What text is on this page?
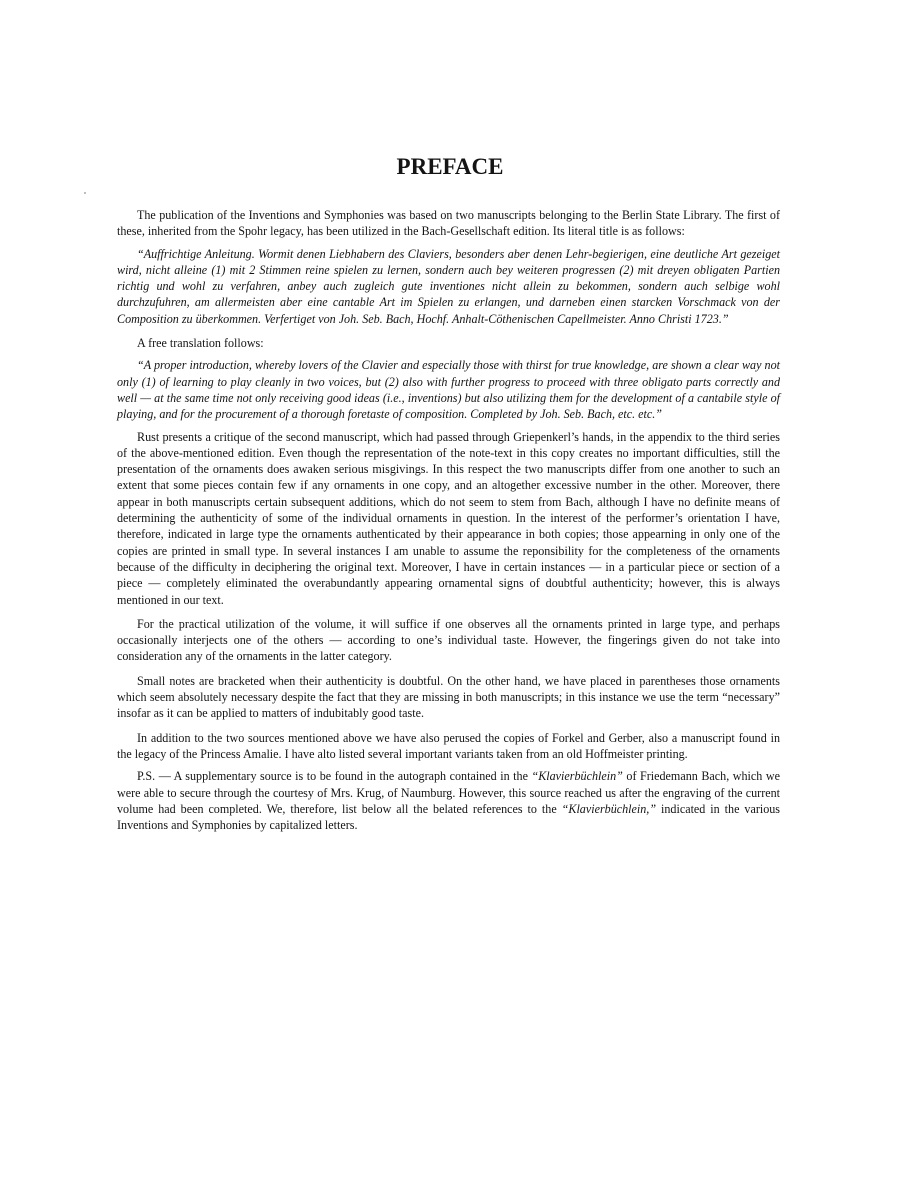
PREFACE

The publication of the Inventions and Symphonies was based on two manuscripts belonging to the Berlin State Library. The first of these, inherited from the Spohr legacy, has been utilized in the Bach-Gesellschaft edition. Its literal title is as follows:

“Auffrichtige Anleitung. Wormit denen Liebhabern des Claviers, besonders aber denen Lehr-begierigen, eine deutliche Art gezeiget wird, nicht alleine (1) mit 2 Stimmen reine spielen zu lernen, sondern auch bey weiteren progressen (2) mit dreyen obligaten Partien richtig und wohl zu verfahren, anbey auch zugleich gute inventiones nicht allein zu bekommen, sondern auch selbige wohl durchzufuhren, am allermeisten aber eine cantable Art im Spielen zu erlangen, und darneben einen starcken Vorschmack von der Composition zu überkommen. Verfertiget von Joh. Seb. Bach, Hochf. Anhalt-Cöthenischen Capellmeister. Anno Christi 1723.”

A free translation follows:

“A proper introduction, whereby lovers of the Clavier and especially those with thirst for true knowledge, are shown a clear way not only (1) of learning to play cleanly in two voices, but (2) also with further progress to proceed with three obligato parts correctly and well — at the same time not only receiving good ideas (i.e., inventions) but also utilizing them for the development of a cantabile style of playing, and for the procurement of a thorough foretaste of composition. Completed by Joh. Seb. Bach, etc. etc.”

Rust presents a critique of the second manuscript, which had passed through Griepenkerl’s hands, in the appendix to the third series of the above-mentioned edition. Even though the representation of the note-text in this copy creates no important difficulties, still the presentation of the ornaments does awaken serious misgivings. In this respect the two manuscripts differ from one another to such an extent that some pieces contain few if any ornaments in one copy, and an altogether excessive number in the other. Moreover, there appear in both manuscripts certain subsequent additions, which do not seem to stem from Bach, although I have no definite means of determining the authenticity of some of the individual ornaments in question. In the interest of the performer’s orientation I have, therefore, indicated in large type the ornaments authenticated by their appearance in both copies; those appearning in only one of the copies are printed in small type. In several instances I am unable to assume the reponsibility for the completeness of the ornaments because of the difficulty in deciphering the original text. Moreover, I have in certain instances — in a particular piece or section of a piece — completely eliminated the overabundantly appearing ornamental signs of doubtful authenticity; however, this is always mentioned in our text.

For the practical utilization of the volume, it will suffice if one observes all the ornaments printed in large type, and perhaps occasionally interjects one of the others — according to one’s individual taste. However, the fingerings given do not take into consideration any of the ornaments in the latter category.

Small notes are bracketed when their authenticity is doubtful. On the other hand, we have placed in parentheses those ornaments which seem absolutely necessary despite the fact that they are missing in both manuscripts; in this instance we use the term “necessary” insofar as it can be applied to matters of indubitably good taste.

In addition to the two sources mentioned above we have also perused the copies of Forkel and Gerber, also a manuscript found in the legacy of the Princess Amalie. I have alto listed several important variants taken from an old Hoffmeister printing.

P.S. — A supplementary source is to be found in the autograph contained in the “Klavierbüchlein” of Friedemann Bach, which we were able to secure through the courtesy of Mrs. Krug, of Naumburg. However, this source reached us after the engraving of the current volume had been completed. We, therefore, list below all the belated references to the “Klavierbüchlein,” indicated in the various Inventions and Symphonies by capitalized letters.
